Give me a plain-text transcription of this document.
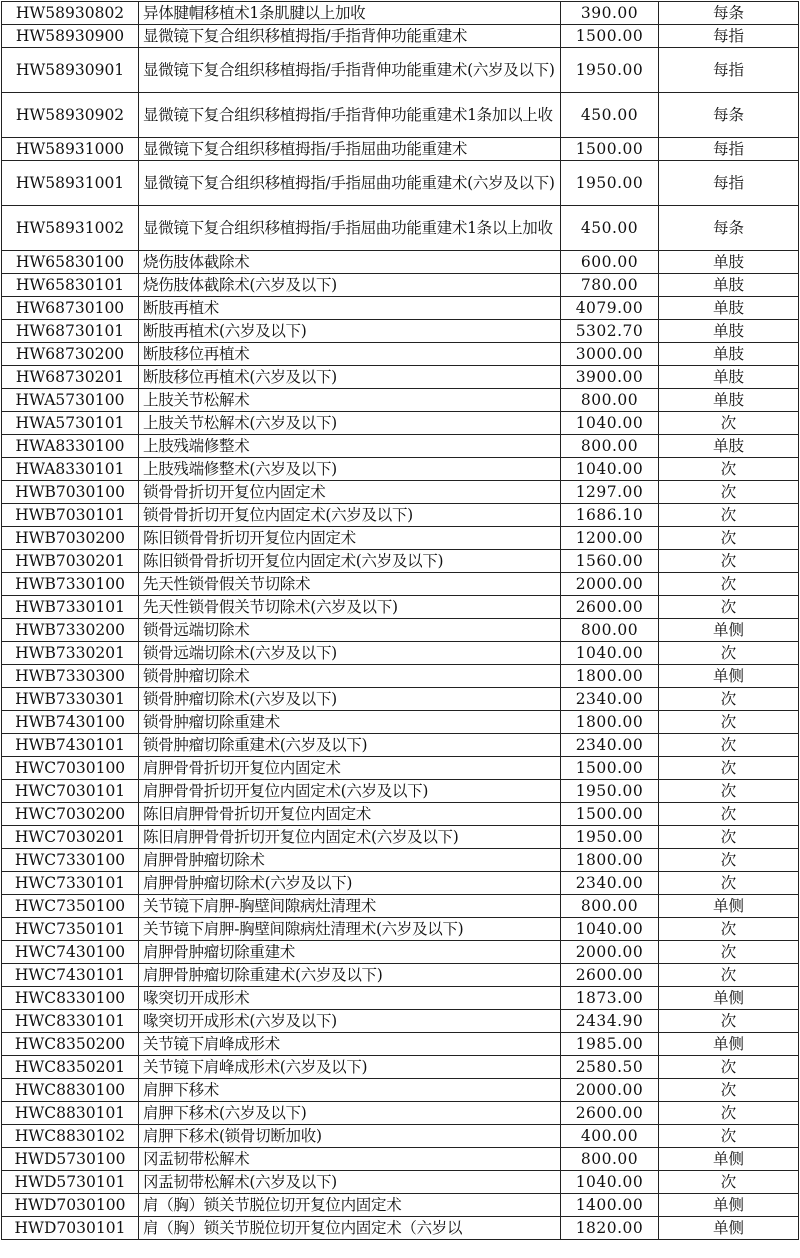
HW58930802	异体腱帽移植术1条肌腱以上加收	390.00	每条
HW58930900	显微镜下复合组织移植拇指/手指背伸功能重建术	1500.00	每指
HW58930901	显微镜下复合组织移植拇指/手指背伸功能重建术(六岁及以下)	1950.00	每指
HW58930902	显微镜下复合组织移植拇指/手指背伸功能重建术1条加以上收	450.00	每条
HW58931000	显微镜下复合组织移植拇指/手指屈曲功能重建术	1500.00	每指
HW58931001	显微镜下复合组织移植拇指/手指屈曲功能重建术(六岁及以下)	1950.00	每指
HW58931002	显微镜下复合组织移植拇指/手指屈曲功能重建术1条以上加收	450.00	每条
HW65830100	烧伤肢体截除术	600.00	单肢
HW65830101	烧伤肢体截除术(六岁及以下)	780.00	单肢
HW68730100	断肢再植术	4079.00	单肢
HW68730101	断肢再植术(六岁及以下)	5302.70	单肢
HW68730200	断肢移位再植术	3000.00	单肢
HW68730201	断肢移位再植术(六岁及以下)	3900.00	单肢
HWA5730100	上肢关节松解术	800.00	单肢
HWA5730101	上肢关节松解术(六岁及以下)	1040.00	次
HWA8330100	上肢残端修整术	800.00	单肢
HWA8330101	上肢残端修整术(六岁及以下)	1040.00	次
HWB7030100	锁骨骨折切开复位内固定术	1297.00	次
HWB7030101	锁骨骨折切开复位内固定术(六岁及以下)	1686.10	次
HWB7030200	陈旧锁骨骨折切开复位内固定术	1200.00	次
HWB7030201	陈旧锁骨骨折切开复位内固定术(六岁及以下)	1560.00	次
HWB7330100	先天性锁骨假关节切除术	2000.00	次
HWB7330101	先天性锁骨假关节切除术(六岁及以下)	2600.00	次
HWB7330200	锁骨远端切除术	800.00	单侧
HWB7330201	锁骨远端切除术(六岁及以下)	1040.00	次
HWB7330300	锁骨肿瘤切除术	1800.00	单侧
HWB7330301	锁骨肿瘤切除术(六岁及以下)	2340.00	次
HWB7430100	锁骨肿瘤切除重建术	1800.00	次
HWB7430101	锁骨肿瘤切除重建术(六岁及以下)	2340.00	次
HWC7030100	肩胛骨骨折切开复位内固定术	1500.00	次
HWC7030101	肩胛骨骨折切开复位内固定术(六岁及以下)	1950.00	次
HWC7030200	陈旧肩胛骨骨折切开复位内固定术	1500.00	次
HWC7030201	陈旧肩胛骨骨折切开复位内固定术(六岁及以下)	1950.00	次
HWC7330100	肩胛骨肿瘤切除术	1800.00	次
HWC7330101	肩胛骨肿瘤切除术(六岁及以下)	2340.00	次
HWC7350100	关节镜下肩胛-胸壁间隙病灶清理术	800.00	单侧
HWC7350101	关节镜下肩胛-胸壁间隙病灶清理术(六岁及以下)	1040.00	次
HWC7430100	肩胛骨肿瘤切除重建术	2000.00	次
HWC7430101	肩胛骨肿瘤切除重建术(六岁及以下)	2600.00	次
HWC8330100	喙突切开成形术	1873.00	单侧
HWC8330101	喙突切开成形术(六岁及以下)	2434.90	次
HWC8350200	关节镜下肩峰成形术	1985.00	单侧
HWC8350201	关节镜下肩峰成形术(六岁及以下)	2580.50	次
HWC8830100	肩胛下移术	2000.00	次
HWC8830101	肩胛下移术(六岁及以下)	2600.00	次
HWC8830102	肩胛下移术(锁骨切断加收)	400.00	次
HWD5730100	冈盂韧带松解术	800.00	单侧
HWD5730101	冈盂韧带松解术(六岁及以下)	1040.00	次
HWD7030100	肩（胸）锁关节脱位切开复位内固定术	1400.00	单侧
HWD7030101	肩（胸）锁关节脱位切开复位内固定术（六岁以	1820.00	单侧
